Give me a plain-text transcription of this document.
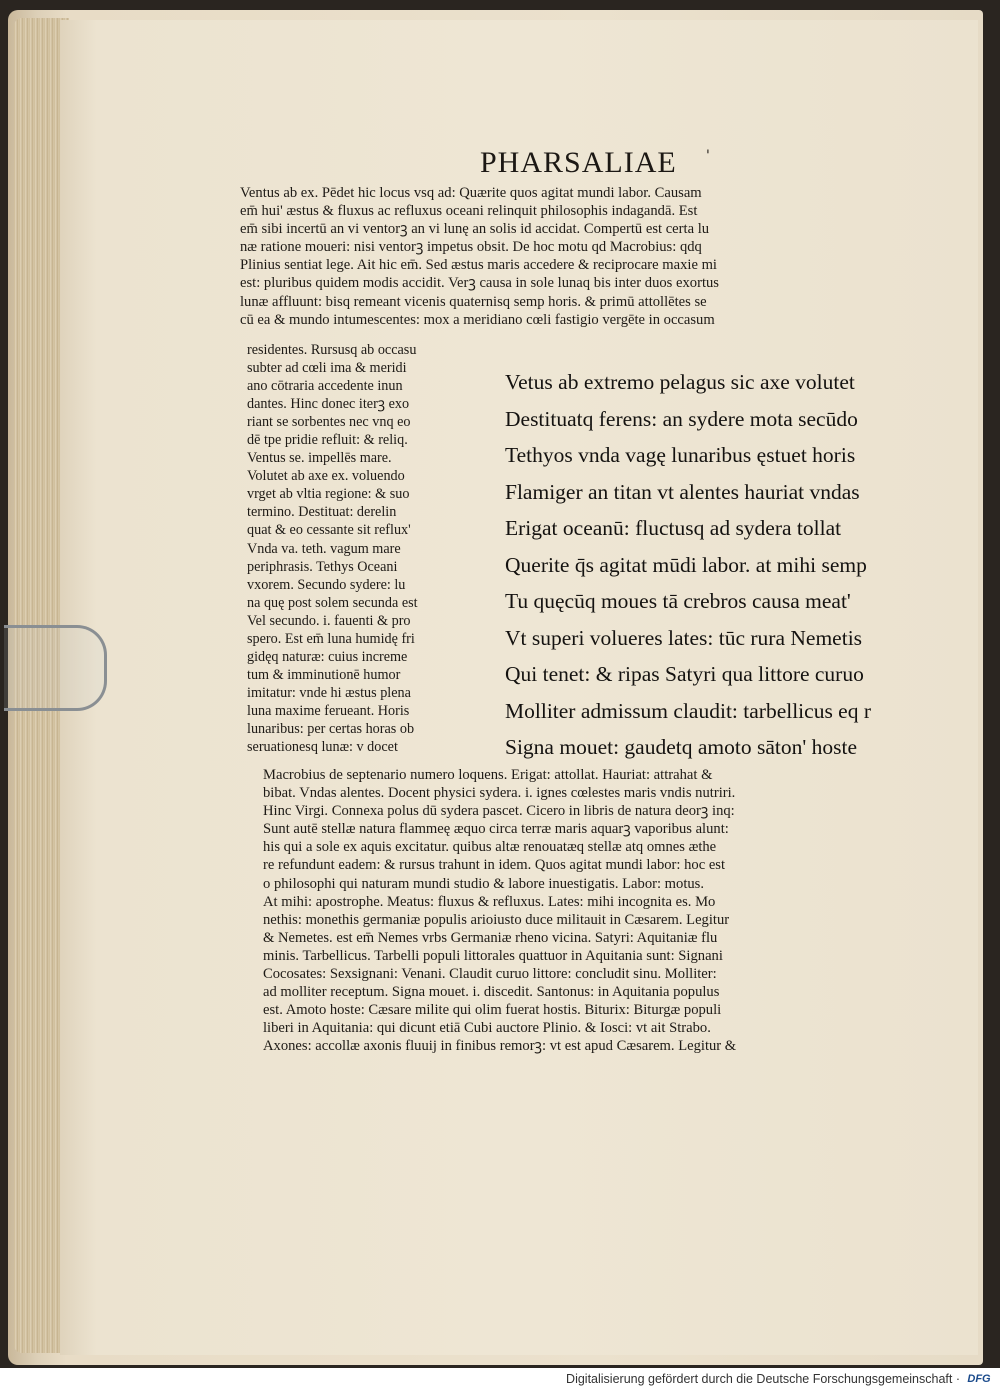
PHARSALIAE '
Ventus ab ex. Pēdet hic locus vsq ad: Quærite quos agitat mundi labor. Causam
em̄ hui' æstus & fluxus ac refluxus oceani relinquit philosophis indagandā. Est
em̄ sibi incertū an vi ventorꝫ an vi lunę an solis id accidat. Compertū est certa lu
næ ratione moueri: nisi ventorꝫ impetus obsit. De hoc motu qd Macrobius: qdq
Plinius sentiat lege. Ait hic em̄. Sed æstus maris accedere & reciprocare maxie mi
est: pluribus quidem modis accidit. Verꝫ causa in sole lunaq bis inter duos exortus
lunæ affluunt: bisq remeant vicenis quaternisq semp horis. & primū attollētes se
cū ea & mundo intumescentes: mox a meridiano cœli fastigio vergēte in occasum
residentes. Rursusq ab occasu
subter ad cœli ima & meridi
ano cōtraria accedente inun
dantes. Hinc donec iterꝫ exo
riant se sorbentes nec vnq eo
dē tpe pridie refluit: & reliq.
Ventus se. impellēs mare.
Volutet ab axe ex. voluendo
vrget ab vltia regione: & suo
termino. Destituat: derelin
quat & eo cessante sit reflux'
Vnda va. teth. vagum mare
periphrasis. Tethys Oceani
vxorem. Secundo sydere: lu
na quę post solem secunda est
Vel secundo. i. fauenti & pro
spero. Est em̄ luna humidę fri
gidęq naturæ: cuius increme
tum & imminutionē humor
imitatur: vnde hi æstus plena
luna maxime ferueant. Horis
lunaribus: per certas horas ob
seruationesq lunæ: v docet
Vetus ab extremo pelagus sic axe volutet
Destituatq ferens: an sydere mota secūdo
Tethyos vnda vagę lunaribus ęstuet horis
Flamiger an titan vt alentes hauriat vndas
Erigat oceanū: fluctusq ad sydera tollat
Querite q̄s agitat mūdi labor. at mihi semp
Tu quęcūq moues tā crebros causa meat'
Vt superi volueres lates: tūc rura Nemetis
Qui tenet: & ripas Satyri qua littore curuo
Molliter admissum claudit: tarbellicus eq r
Signa mouet: gaudetq amoto sāton' hoste
Macrobius de septenario numero loquens. Erigat: attollat. Hauriat: attrahat &
bibat. Vndas alentes. Docent physici sydera. i. ignes cœlestes maris vndis nutriri.
Hinc Virgi. Connexa polus dū sydera pascet. Cicero in libris de natura deorꝫ inq:
Sunt autē stellæ natura flammeę æquo circa terræ maris aquarꝫ vaporibus alunt:
his qui a sole ex aquis excitatur. quibus altæ renouatæq stellæ atq omnes æthe
re refundunt eadem: & rursus trahunt in idem. Quos agitat mundi labor: hoc est
o philosophi qui naturam mundi studio & labore inuestigatis. Labor: motus.
At mihi: apostrophe. Meatus: fluxus & refluxus. Lates: mihi incognita es. Mo
nethis: monethis germaniæ populis arioiusto duce militauit in Cæsarem. Legitur
& Nemetes. est em̄ Nemes vrbs Germaniæ rheno vicina. Satyri: Aquitaniæ flu
minis. Tarbellicus. Tarbelli populi littorales quattuor in Aquitania sunt: Signani
Cocosates: Sexsignani: Venani. Claudit curuo littore: concludit sinu. Molliter:
ad molliter receptum. Signa mouet. i. discedit. Santonus: in Aquitania populus
est. Amoto hoste: Cæsare milite qui olim fuerat hostis. Biturix: Biturgæ populi
liberi in Aquitania: qui dicunt etiā Cubi auctore Plinio. & Iosci: vt ait Strabo.
Axones: accollæ axonis fluuij in finibus remorꝫ: vt est apud Cæsarem. Legitur &

Digitalisierung gefördert durch die Deutsche Forschungsgemeinschaft · DFG
